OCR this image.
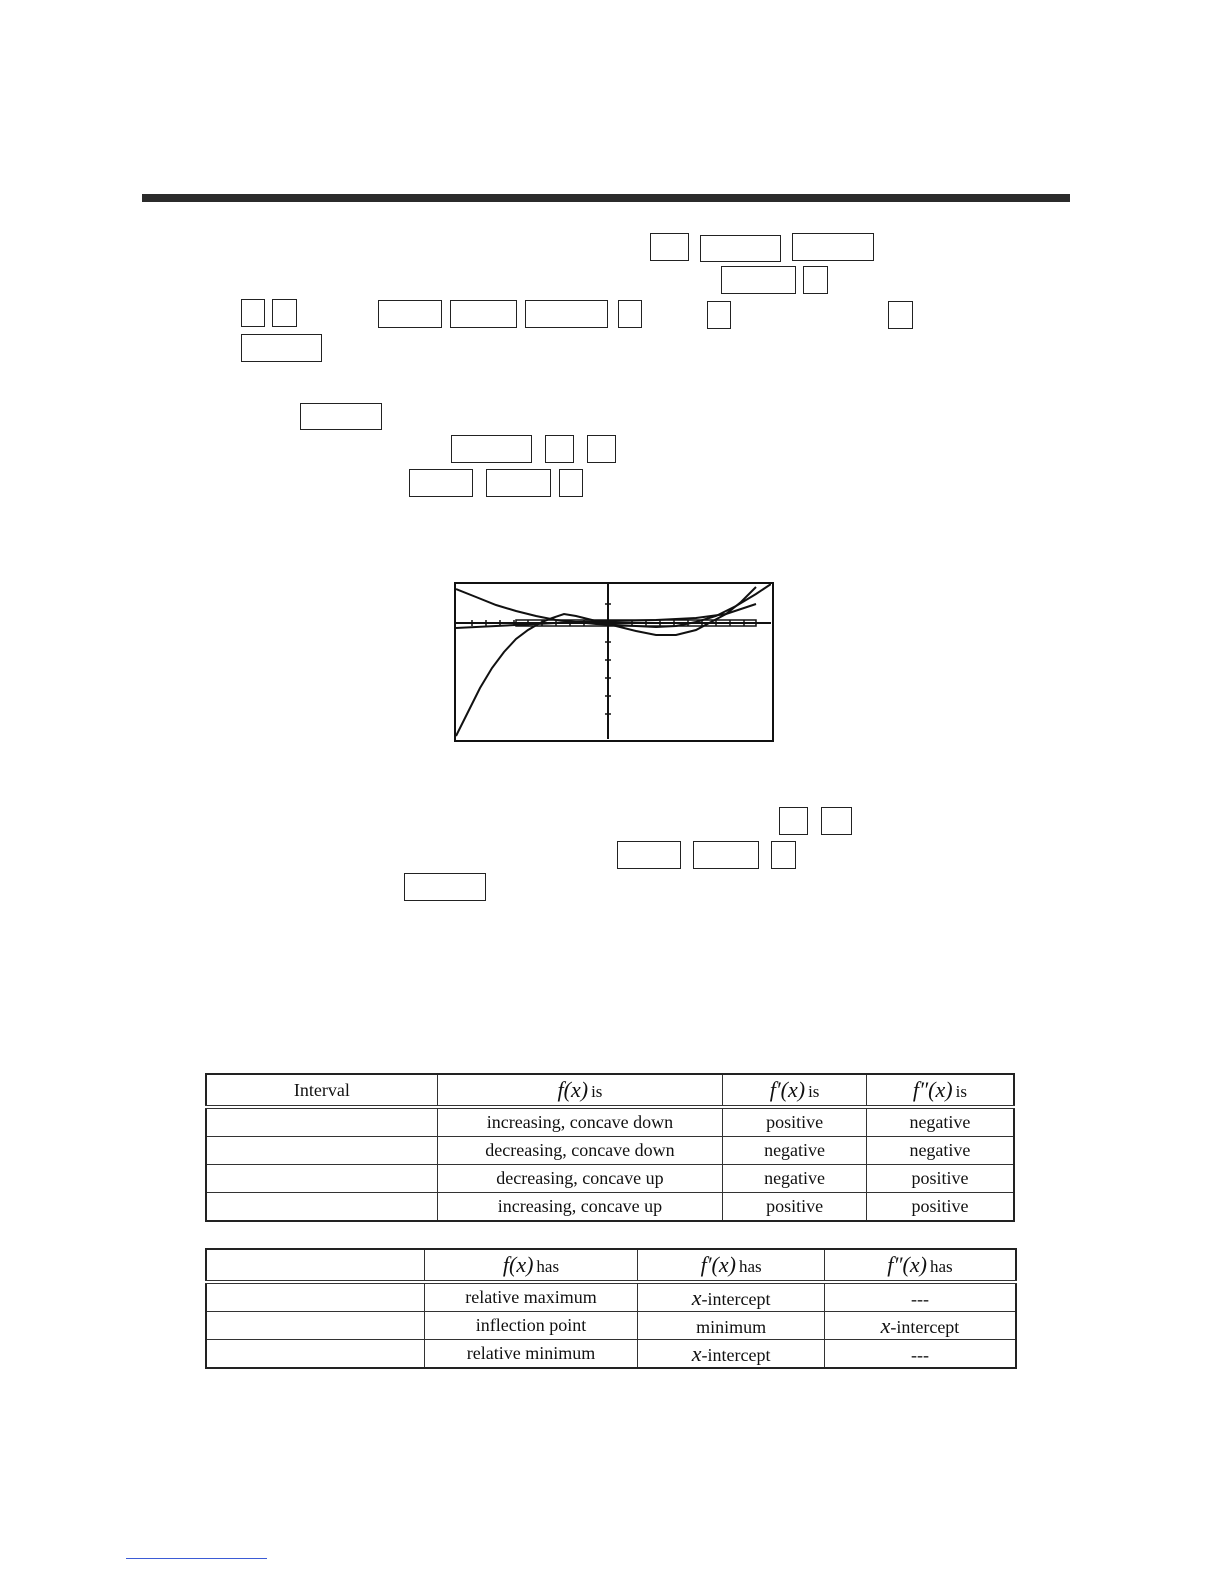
Interval	f(x) is	f′(x) is	f″(x) is
	increasing, concave down	positive	negative
	decreasing, concave down	negative	negative
	decreasing, concave up	negative	positive
	increasing, concave up	positive	positive
	f(x) has	f′(x) has	f″(x) has
	relative maximum	x-intercept	---
	inflection point	minimum	x-intercept
	relative minimum	x-intercept	---
